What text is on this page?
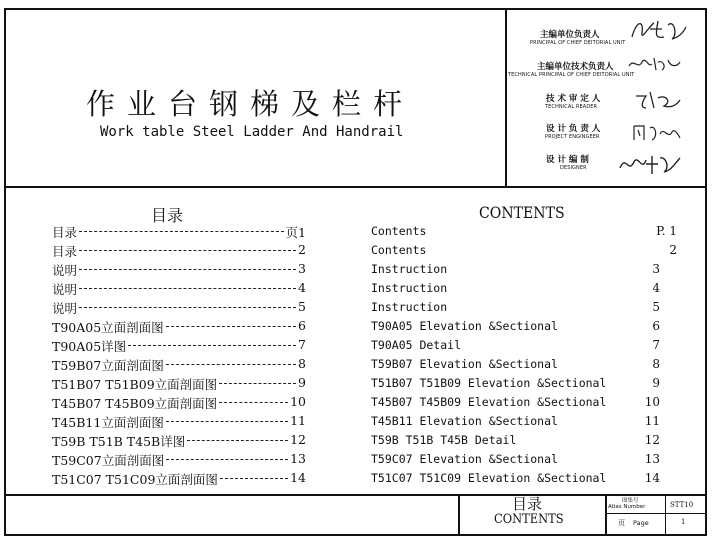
作业台钢梯及栏杆
Work table Steel Ladder And Handrail
主编单位负责人
PRINCIPAL OF CHIEF DEITORIAL UNIT
主编单位技术负责人
TECHNICAL PRINCIPAL OF CHIEF DEITORIAL UNIT
技 术 审 定 人
TECHNICAL READER
设 计 负 责 人
PROJECT ENGINGEER
设 计 编 制
DESIGNER
目录	CONTENTS
目录	页1	Contents	P. 1
目录	2	Contents	2
说明	3	Instruction	3
说明	4	Instruction	4
说明	5	Instruction	5
T90A05立面剖面图	6	T90A05 Elevation &Sectional	6
T90A05详图	7	T90A05 Detail	7
T59B07立面剖面图	8	T59B07 Elevation &Sectional	8
T51B07 T51B09立面剖面图	9	T51B07 T51B09 Elevation &Sectional	9
T45B07 T45B09立面剖面图	10	T45B07 T45B09 Elevation &Sectional	10
T45B11立面剖面图	11	T45B11 Elevation &Sectional	11
T59B T51B T45B详图	12	T59B T51B T45B Detail	12
T59C07立面剖面图	13	T59C07 Elevation &Sectional	13
T51C07 T51C09立面剖面图	14	T51C07 T51C09 Elevation &Sectional	14
目录
CONTENTS
图集号
Atlas Number	STT10
页 Page	1
